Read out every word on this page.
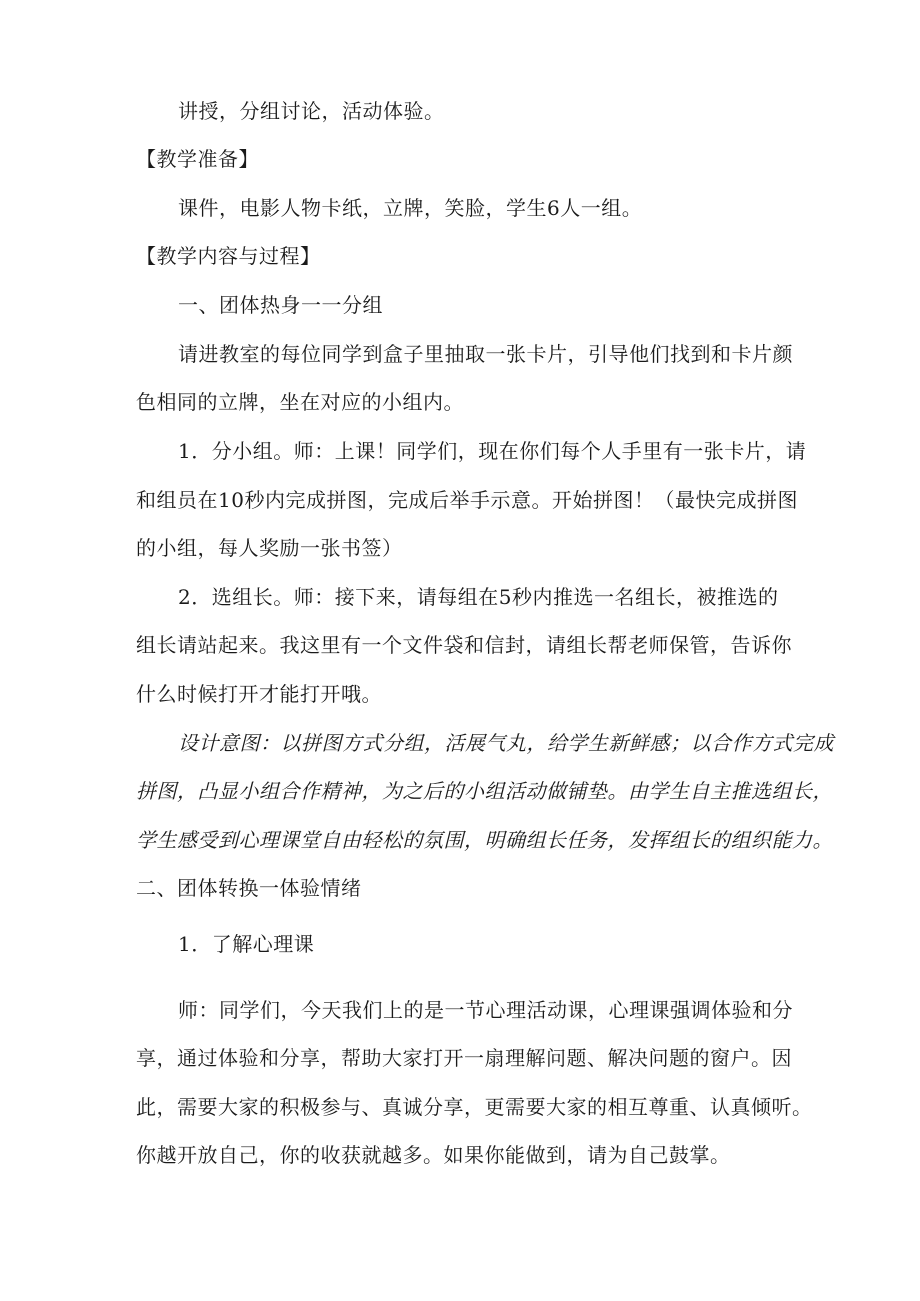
讲授，分组讨论，活动体验。
【教学准备】
课件，电影人物卡纸，立牌，笑脸，学生6人一组。
【教学内容与过程】
一、团体热身一一分组
请进教室的每位同学到盒子里抽取一张卡片，引导他们找到和卡片颜
色相同的立牌，坐在对应的小组内。
1．分小组。师：上课！同学们，现在你们每个人手里有一张卡片，请
和组员在10秒内完成拼图，完成后举手示意。开始拼图！（最快完成拼图
的小组，每人奖励一张书签）
2．选组长。师：接下来，请每组在5秒内推选一名组长，被推选的
组长请站起来。我这里有一个文件袋和信封，请组长帮老师保管，告诉你
什么时候打开才能打开哦。
设计意图：以拼图方式分组，活展气丸，给学生新鲜感；以合作方式完成
拼图，凸显小组合作精神，为之后的小组活动做铺垫。由学生自主推选组长，
学生感受到心理课堂自由轻松的氛围，明确组长任务，发挥组长的组织能力。
二、团体转换一体验情绪
1．了解心理课
师：同学们，今天我们上的是一节心理活动课，心理课强调体验和分
享，通过体验和分享，帮助大家打开一扇理解问题、解决问题的窗户。因
此，需要大家的积极参与、真诚分享，更需要大家的相互尊重、认真倾听。
你越开放自己，你的收获就越多。如果你能做到，请为自己鼓掌。
